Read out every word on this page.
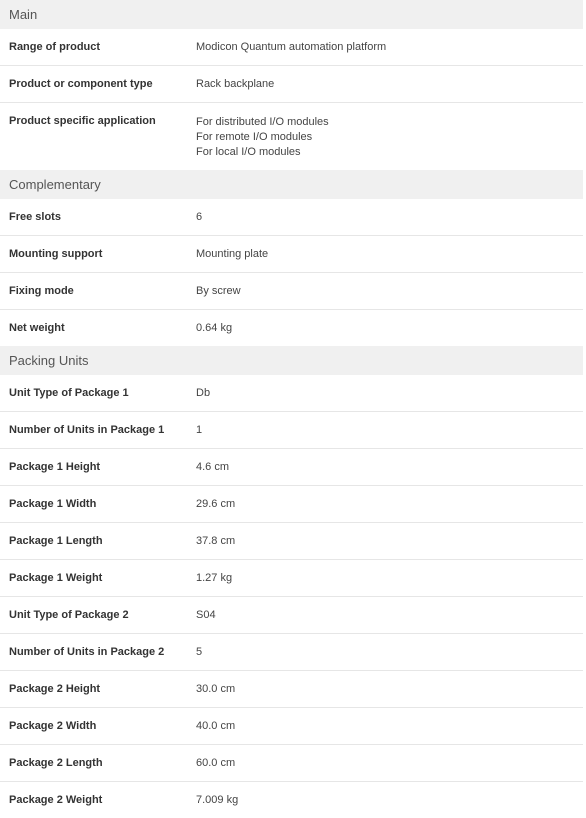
Main
Range of product	Modicon Quantum automation platform
Product or component type	Rack backplane
Product specific application	For distributed I/O modules
For remote I/O modules
For local I/O modules
Complementary
Free slots	6
Mounting support	Mounting plate
Fixing mode	By screw
Net weight	0.64 kg
Packing Units
Unit Type of Package 1	Db
Number of Units in Package 1	1
Package 1 Height	4.6 cm
Package 1 Width	29.6 cm
Package 1 Length	37.8 cm
Package 1 Weight	1.27 kg
Unit Type of Package 2	S04
Number of Units in Package 2	5
Package 2 Height	30.0 cm
Package 2 Width	40.0 cm
Package 2 Length	60.0 cm
Package 2 Weight	7.009 kg
